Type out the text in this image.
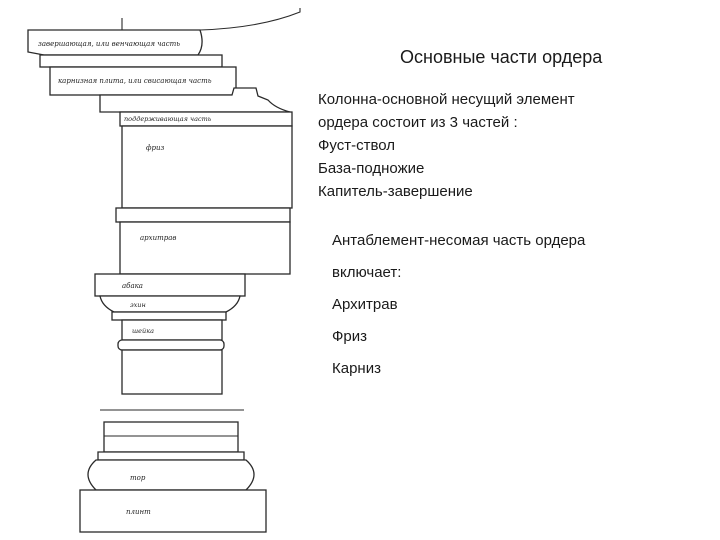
завершающая, или венчающая часть
карнизная плита, или свисающая часть
поддерживающая часть
фриз
архитрав
абака
эхин
шейка
тор
плинт
Основные части ордера
Колонна-основной несущий элемент
ордера состоит из 3 частей :
Фуст-ствол
База-подножие
Капитель-завершение
Антаблемент-несомая часть ордера
включает:
Архитрав
Фриз
Карниз
